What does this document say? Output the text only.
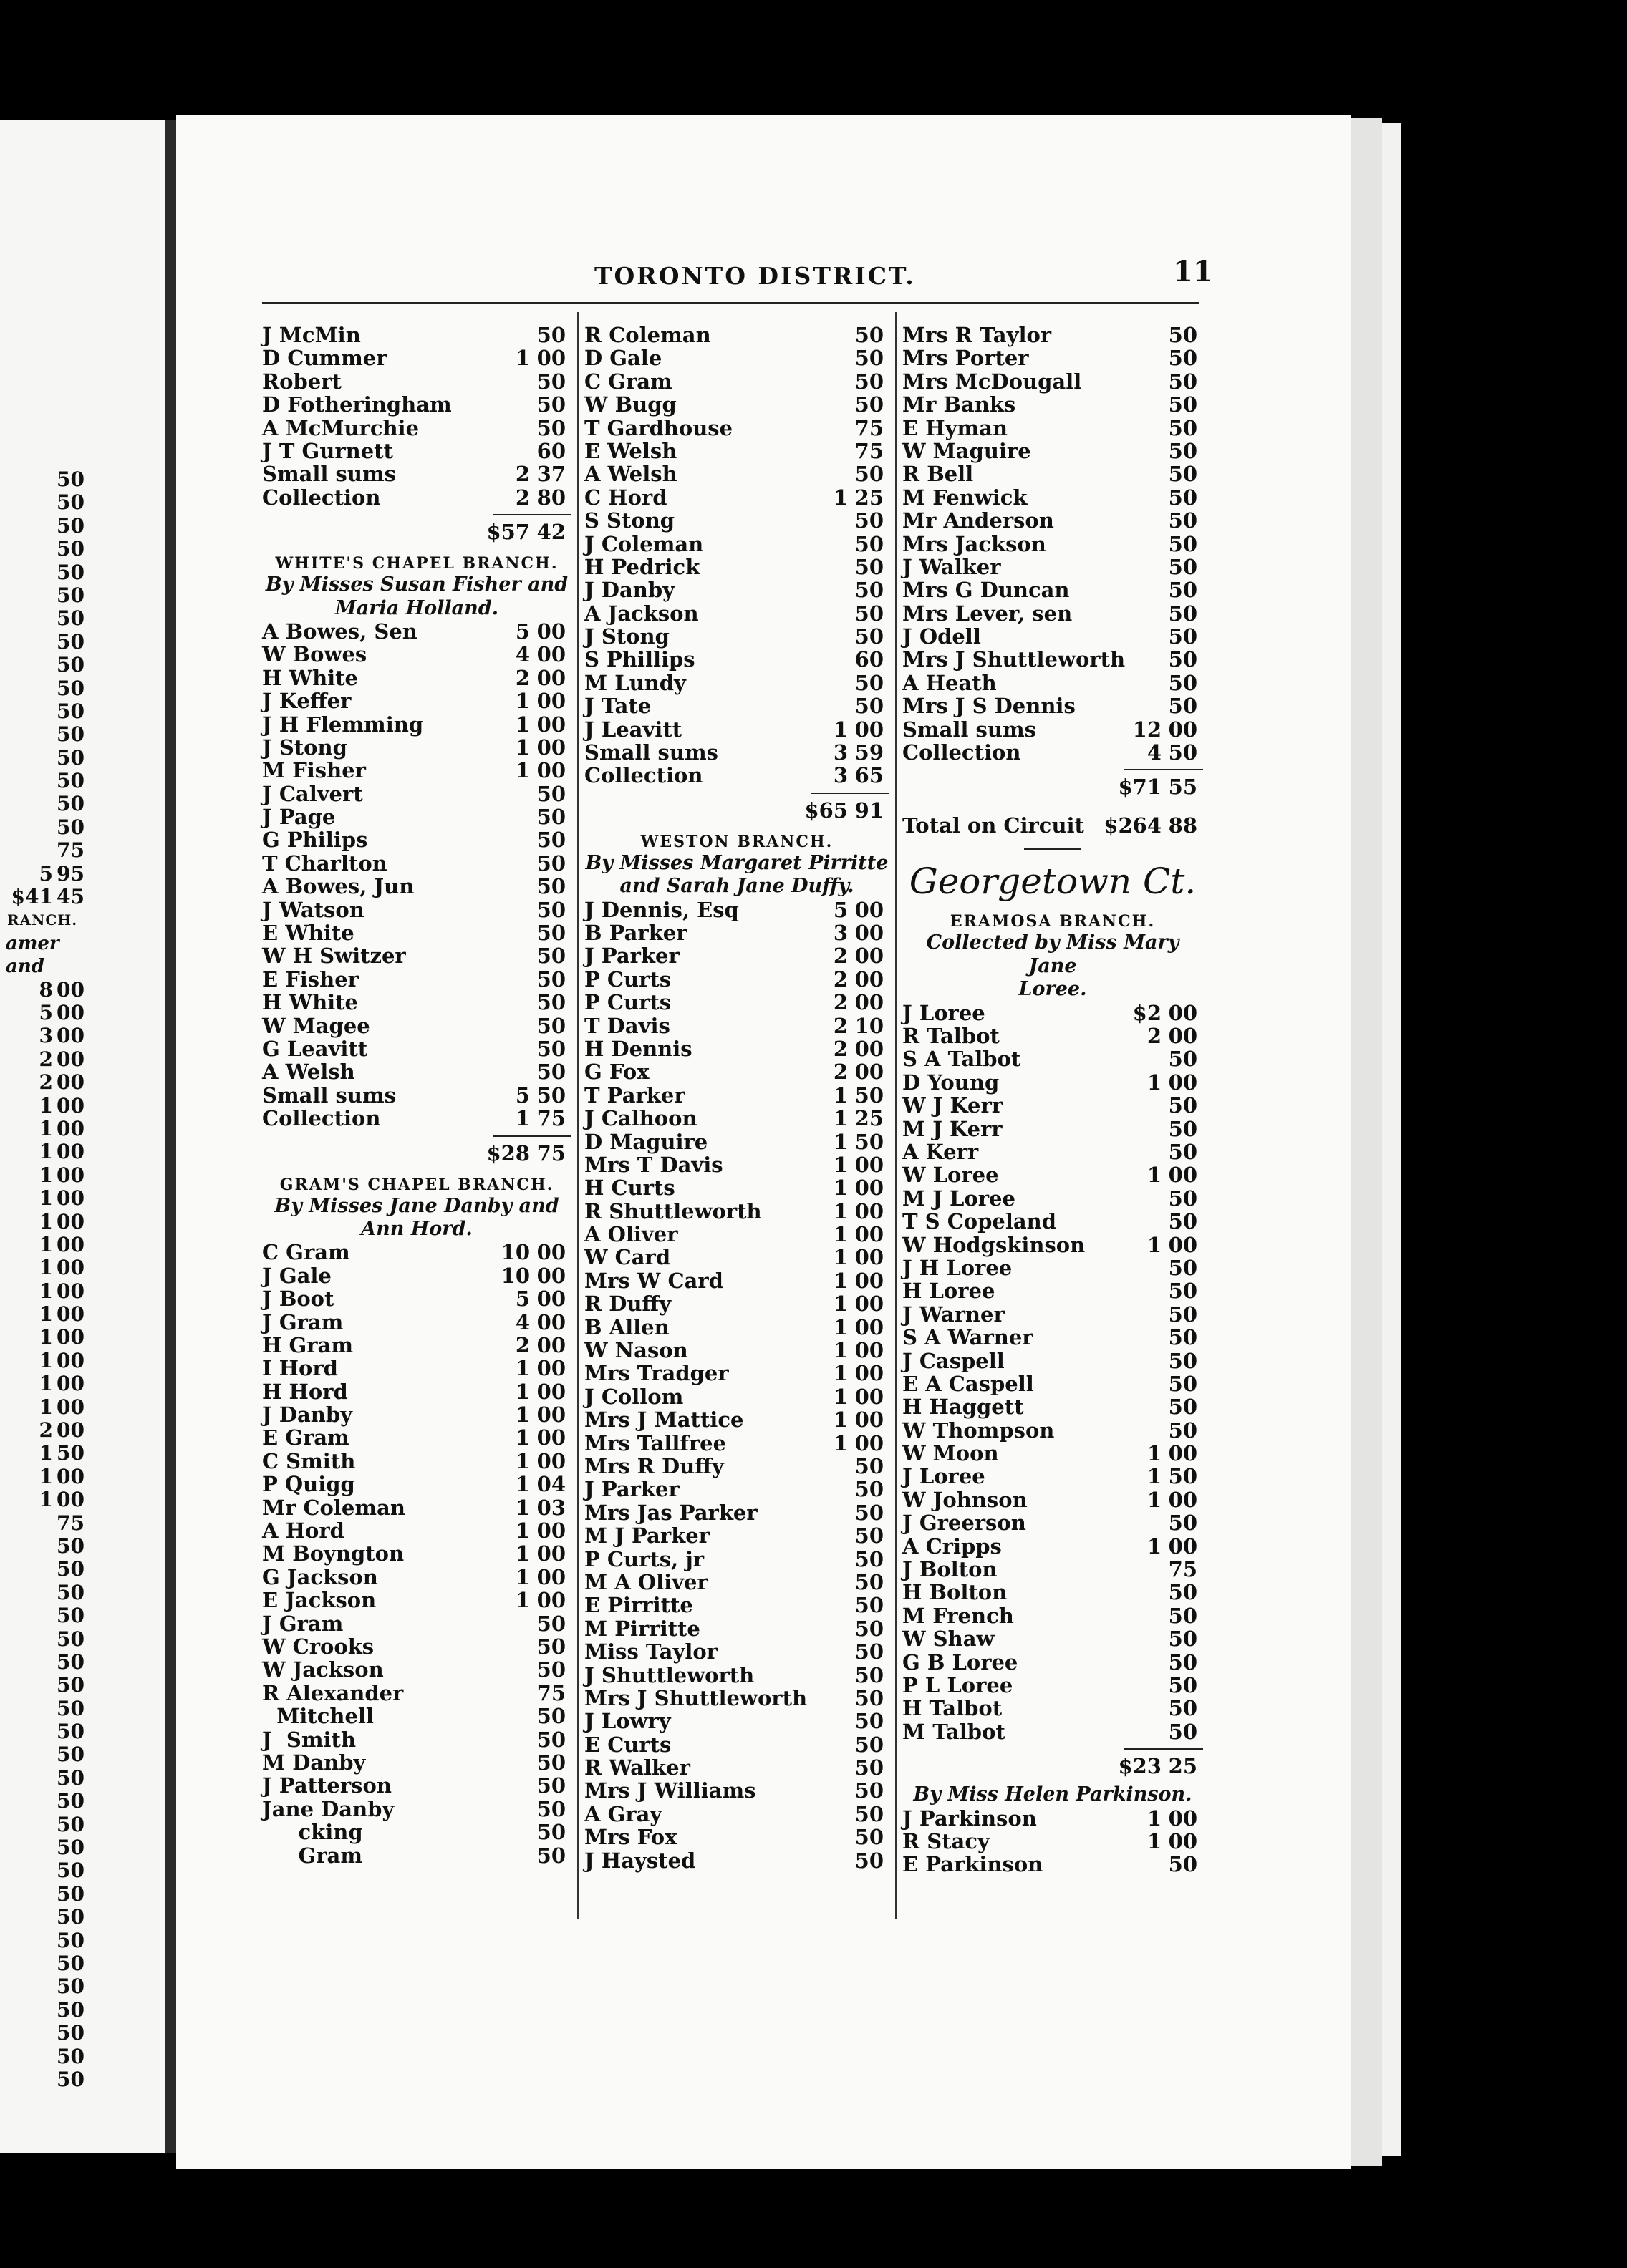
50
50
50
50
50
50
50
50
50
50
50
50
50
50
50
50
75
5 95
$41 45
RANCH.
amer and
8 00
5 00
3 00
2 00
2 00
1 00
1 00
1 00
1 00
1 00
1 00
1 00
1 00
1 00
1 00
1 00
1 00
1 00
1 00
2 00
1 50
1 00
1 00
75
50
50
50
50
50
50
50
50
50
50
50
50
50
50
50
50
50
50
50
50
50
50
50
50
TORONTO DISTRICT.	11
J McMin	50
D Cummer	1 00
Robert	50
D Fotheringham	50
A McMurchie	50
J T Gurnett	60
Small sums	2 37
Collection	2 80
$57 42
WHITE'S CHAPEL BRANCH.
By Misses Susan Fisher and
Maria Holland.
A Bowes, Sen	5 00
W Bowes	4 00
H White	2 00
J Keffer	1 00
J H Flemming	1 00
J Stong	1 00
M Fisher	1 00
J Calvert	50
J Page	50
G Philips	50
T Charlton	50
A Bowes, Jun	50
J Watson	50
E White	50
W H Switzer	50
E Fisher	50
H White	50
W Magee	50
G Leavitt	50
A Welsh	50
Small sums	5 50
Collection	1 75
$28 75
GRAM'S CHAPEL BRANCH.
By Misses Jane Danby and
Ann Hord.
C Gram	10 00
J Gale	10 00
J Boot	5 00
J Gram	4 00
H Gram	2 00
I Hord	1 00
H Hord	1 00
J Danby	1 00
E Gram	1 00
C Smith	1 00
P Quigg	1 04
Mr Coleman	1 03
A Hord	1 00
M Boyngton	1 00
G Jackson	1 00
E Jackson	1 00
J Gram	50
W Crooks	50
W Jackson	50
R Alexander	75
Mitchell	50
J  Smith	50
M Danby	50
J Patterson	50
Jane Danby	50
cking	50
Gram	50
R Coleman	50
D Gale	50
C Gram	50
W Bugg	50
T Gardhouse	75
E Welsh	75
A Welsh	50
C Hord	1 25
S Stong	50
J Coleman	50
H Pedrick	50
J Danby	50
A Jackson	50
J Stong	50
S Phillips	60
M Lundy	50
J Tate	50
J Leavitt	1 00
Small sums	3 59
Collection	3 65
$65 91
WESTON BRANCH.
By Misses Margaret Pirritte
and Sarah Jane Duffy.
J Dennis, Esq	5 00
B Parker	3 00
J Parker	2 00
P Curts	2 00
P Curts	2 00
T Davis	2 10
H Dennis	2 00
G Fox	2 00
T Parker	1 50
J Calhoon	1 25
D Maguire	1 50
Mrs T Davis	1 00
H Curts	1 00
R Shuttleworth	1 00
A Oliver	1 00
W Card	1 00
Mrs W Card	1 00
R Duffy	1 00
B Allen	1 00
W Nason	1 00
Mrs Tradger	1 00
J Collom	1 00
Mrs J Mattice	1 00
Mrs Tallfree	1 00
Mrs R Duffy	50
J Parker	50
Mrs Jas Parker	50
M J Parker	50
P Curts, jr	50
M A Oliver	50
E Pirritte	50
M Pirritte	50
Miss Taylor	50
J Shuttleworth	50
Mrs J Shuttleworth 50
J Lowry	50
E Curts	50
R Walker	50
Mrs J Williams	50
A Gray	50
Mrs Fox	50
J Haysted	50
Mrs R Taylor	50
Mrs Porter	50
Mrs McDougall	50
Mr Banks	50
E Hyman	50
W Maguire	50
R Bell	50
M Fenwick	50
Mr Anderson	50
Mrs Jackson	50
J Walker	50
Mrs G Duncan	50
Mrs Lever, sen	50
J Odell	50
Mrs J Shuttleworth 50
A Heath	50
Mrs J S Dennis	50
Small sums	12 00
Collection	4 50
$71 55
Total on Circuit $264 88
Georgetown Ct.
ERAMOSA BRANCH.
Collected by Miss Mary Jane
Loree.
J Loree	$2 00
R Talbot	2 00
S A Talbot	50
D Young	1 00
W J Kerr	50
M J Kerr	50
A Kerr	50
W Loree	1 00
M J Loree	50
T S Copeland	50
W Hodgskinson	1 00
J H Loree	50
H Loree	50
J Warner	50
S A Warner	50
J Caspell	50
E A Caspell	50
H Haggett	50
W Thompson	50
W Moon	1 00
J Loree	1 50
W Johnson	1 00
J Greerson	50
A Cripps	1 00
J Bolton	75
H Bolton	50
M French	50
W Shaw	50
G B Loree	50
P L Loree	50
H Talbot	50
M Talbot	50
$23 25
By Miss Helen Parkinson.
J Parkinson	1 00
R Stacy	1 00
E Parkinson	50
